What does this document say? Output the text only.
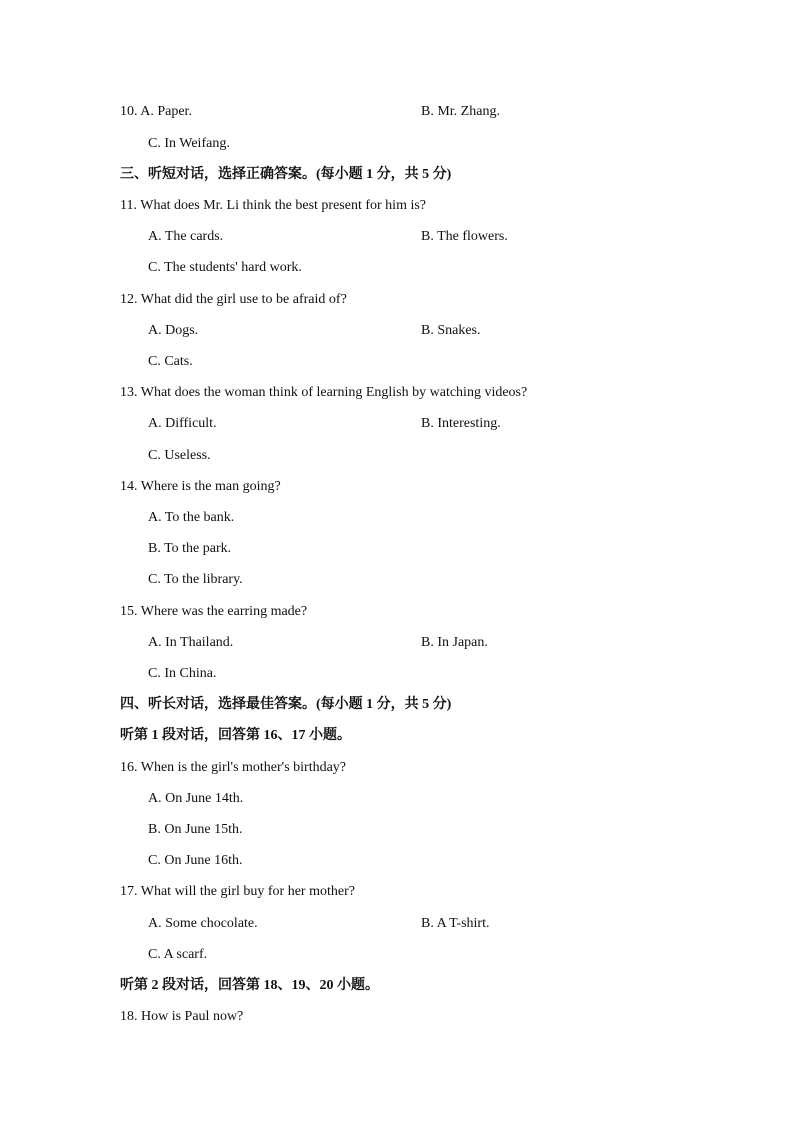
10. A. Paper.	B. Mr. Zhang.
C. In Weifang.
三、听短对话，选择正确答案。(每小题 1 分，共 5 分)
11. What does Mr. Li think the best present for him is?
A. The cards.	B. The flowers.
C. The students' hard work.
12. What did the girl use to be afraid of?
A. Dogs.	B. Snakes.
C. Cats.
13. What does the woman think of learning English by watching videos?
A. Difficult.	B. Interesting.
C. Useless.
14. Where is the man going?
A. To the bank.
B. To the park.
C. To the library.
15. Where was the earring made?
A. In Thailand.	B. In Japan.
C. In China.
四、听长对话，选择最佳答案。(每小题 1 分，共 5 分)
听第 1 段对话，回答第 16、17 小题。
16. When is the girl's mother's birthday?
A. On June 14th.
B. On June 15th.
C. On June 16th.
17. What will the girl buy for her mother?
A. Some chocolate.	B. A T-shirt.
C. A scarf.
听第 2 段对话，回答第 18、19、20 小题。
18. How is Paul now?
